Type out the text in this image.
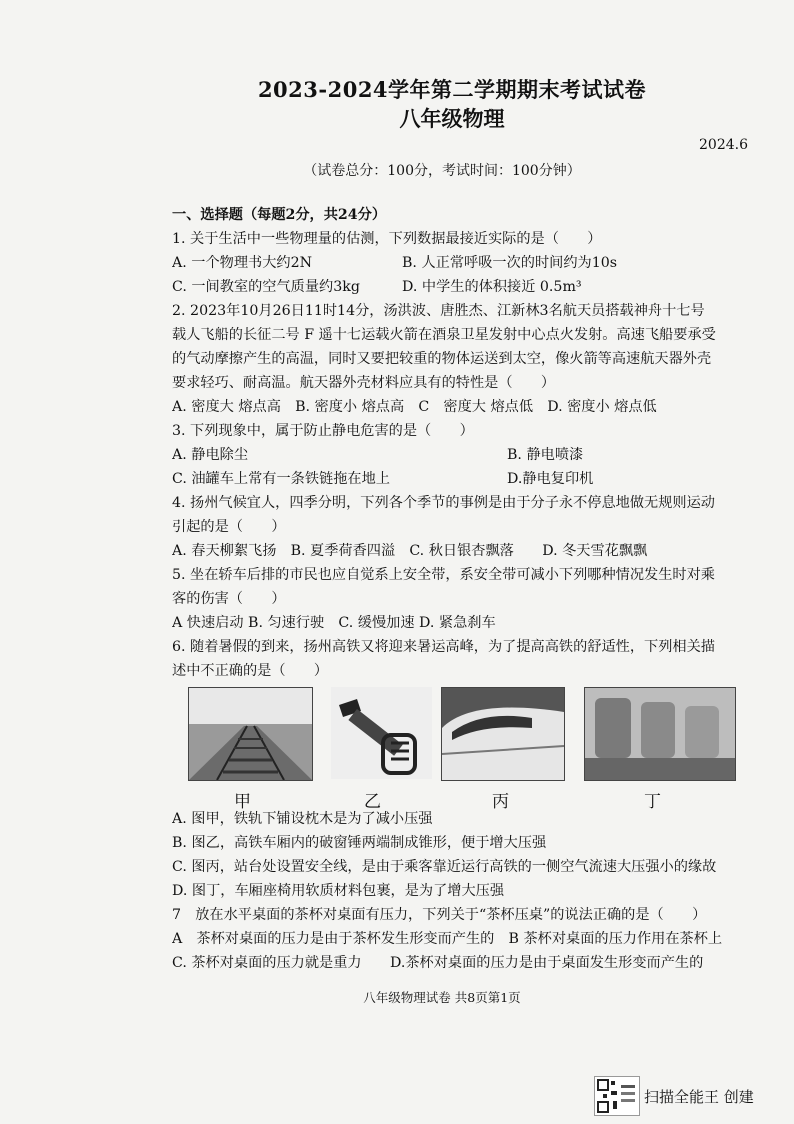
2023-2024学年第二学期期末考试试卷
八年级物理
2024.6
（试卷总分：100分，考试时间：100分钟）
一、选择题（每题2分，共24分）
1. 关于生活中一些物理量的估测，下列数据最接近实际的是（　　）
A. 一个物理书大约2N	B. 人正常呼吸一次的时间约为10s
C. 一间教室的空气质量约3kg	D. 中学生的体积接近 0.5m³
2. 2023年10月26日11时14分，汤洪波、唐胜杰、江新林3名航天员搭载神舟十七号
载人飞船的长征二号 F 遥十七运载火箭在酒泉卫星发射中心点火发射。高速飞船要承受
的气动摩擦产生的高温，同时又要把较重的物体运送到太空，像火箭等高速航天器外壳
要求轻巧、耐高温。航天器外壳材料应具有的特性是（　　）
A. 密度大 熔点高　B. 密度小 熔点高　C　密度大 熔点低　D. 密度小 熔点低
3. 下列现象中，属于防止静电危害的是（　　）
A. 静电除尘	B. 静电喷漆
C. 油罐车上常有一条铁链拖在地上	D.静电复印机
4. 扬州气候宜人，四季分明，下列各个季节的事例是由于分子永不停息地做无规则运动
引起的是（　　）
A. 春天柳絮飞扬　B. 夏季荷香四溢　C. 秋日银杏飘落　　D. 冬天雪花飘飘
5. 坐在轿车后排的市民也应自觉系上安全带，系安全带可减小下列哪种情况发生时对乘
客的伤害（　　）
A 快速启动 B. 匀速行驶　C. 缓慢加速 D. 紧急刹车
6. 随着暑假的到来，扬州高铁又将迎来暑运高峰，为了提高高铁的舒适性，下列相关描
述中不正确的是（　　）
甲	乙	丙	丁
A. 图甲，铁轨下铺设枕木是为了减小压强
B. 图乙，高铁车厢内的破窗锤两端制成锥形，便于增大压强
C. 图丙，站台处设置安全线，是由于乘客靠近运行高铁的一侧空气流速大压强小的缘故
D. 图丁，车厢座椅用软质材料包裹，是为了增大压强
7　放在水平桌面的茶杯对桌面有压力，下列关于“茶杯压桌”的说法正确的是（　　）
A　茶杯对桌面的压力是由于茶杯发生形变而产生的　B 茶杯对桌面的压力作用在茶杯上
C. 茶杯对桌面的压力就是重力　　D.茶杯对桌面的压力是由于桌面发生形变而产生的
八年级物理试卷 共8页第1页
扫描全能王 创建
